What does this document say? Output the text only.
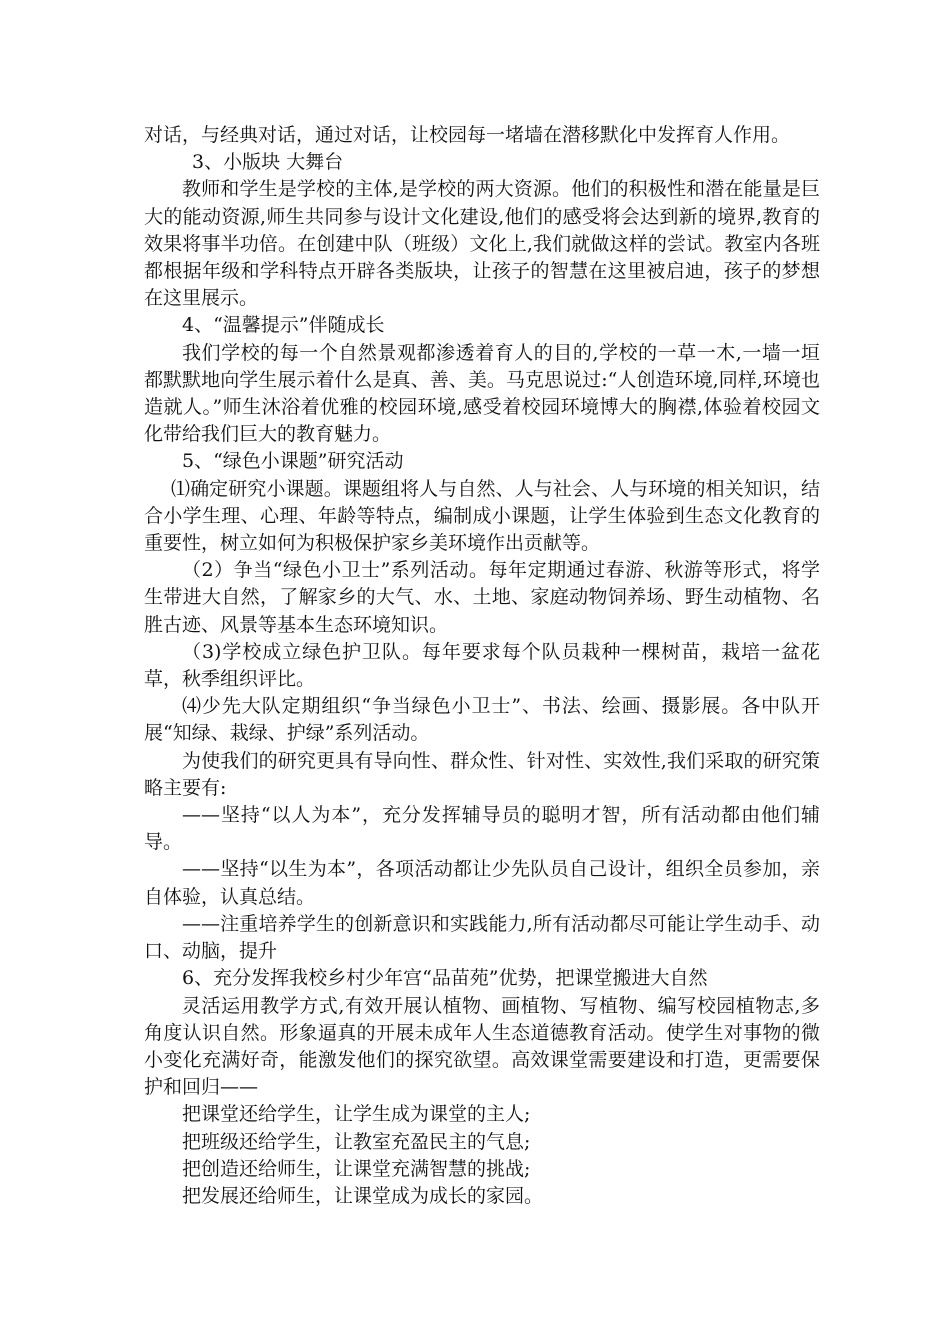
对话，与经典对话，通过对话，让校园每一堵墙在潜移默化中发挥育人作用。

3、小版块 大舞台

教师和学生是学校的主体,是学校的两大资源。他们的积极性和潜在能量是巨大的能动资源,师生共同参与设计文化建设,他们的感受将会达到新的境界,教育的效果将事半功倍。在创建中队（班级）文化上,我们就做这样的尝试。教室内各班都根据年级和学科特点开辟各类版块，让孩子的智慧在这里被启迪，孩子的梦想在这里展示。

4、“温馨提示”伴随成长

我们学校的每一个自然景观都渗透着育人的目的,学校的一草一木,一墙一垣都默默地向学生展示着什么是真、善、美。马克思说过:“人创造环境,同样,环境也造就人。”师生沐浴着优雅的校园环境,感受着校园环境博大的胸襟,体验着校园文化带给我们巨大的教育魅力。

5、“绿色小课题”研究活动

⑴确定研究小课题。课题组将人与自然、人与社会、人与环境的相关知识，结合小学生理、心理、年龄等特点，编制成小课题，让学生体验到生态文化教育的重要性，树立如何为积极保护家乡美环境作出贡献等。

（2）争当“绿色小卫士”系列活动。每年定期通过春游、秋游等形式，将学生带进大自然，了解家乡的大气、水、土地、家庭动物饲养场、野生动植物、名胜古迹、风景等基本生态环境知识。

（3)学校成立绿色护卫队。每年要求每个队员栽种一棵树苗，栽培一盆花草，秋季组织评比。

⑷少先大队定期组织“争当绿色小卫士”、书法、绘画、摄影展。各中队开展“知绿、栽绿、护绿”系列活动。

为使我们的研究更具有导向性、群众性、针对性、实效性,我们采取的研究策略主要有:

——坚持“以人为本”，充分发挥辅导员的聪明才智，所有活动都由他们辅导。

——坚持“以生为本”，各项活动都让少先队员自己设计，组织全员参加，亲自体验，认真总结。

——注重培养学生的创新意识和实践能力,所有活动都尽可能让学生动手、动口、动脑，提升

6、充分发挥我校乡村少年宫“品苗苑”优势，把课堂搬进大自然

灵活运用教学方式,有效开展认植物、画植物、写植物、编写校园植物志,多角度认识自然。形象逼真的开展未成年人生态道德教育活动。使学生对事物的微小变化充满好奇，能激发他们的探究欲望。高效课堂需要建设和打造，更需要保护和回归——

把课堂还给学生，让学生成为课堂的主人;

把班级还给学生，让教室充盈民主的气息;

把创造还给师生，让课堂充满智慧的挑战;

把发展还给师生，让课堂成为成长的家园。
